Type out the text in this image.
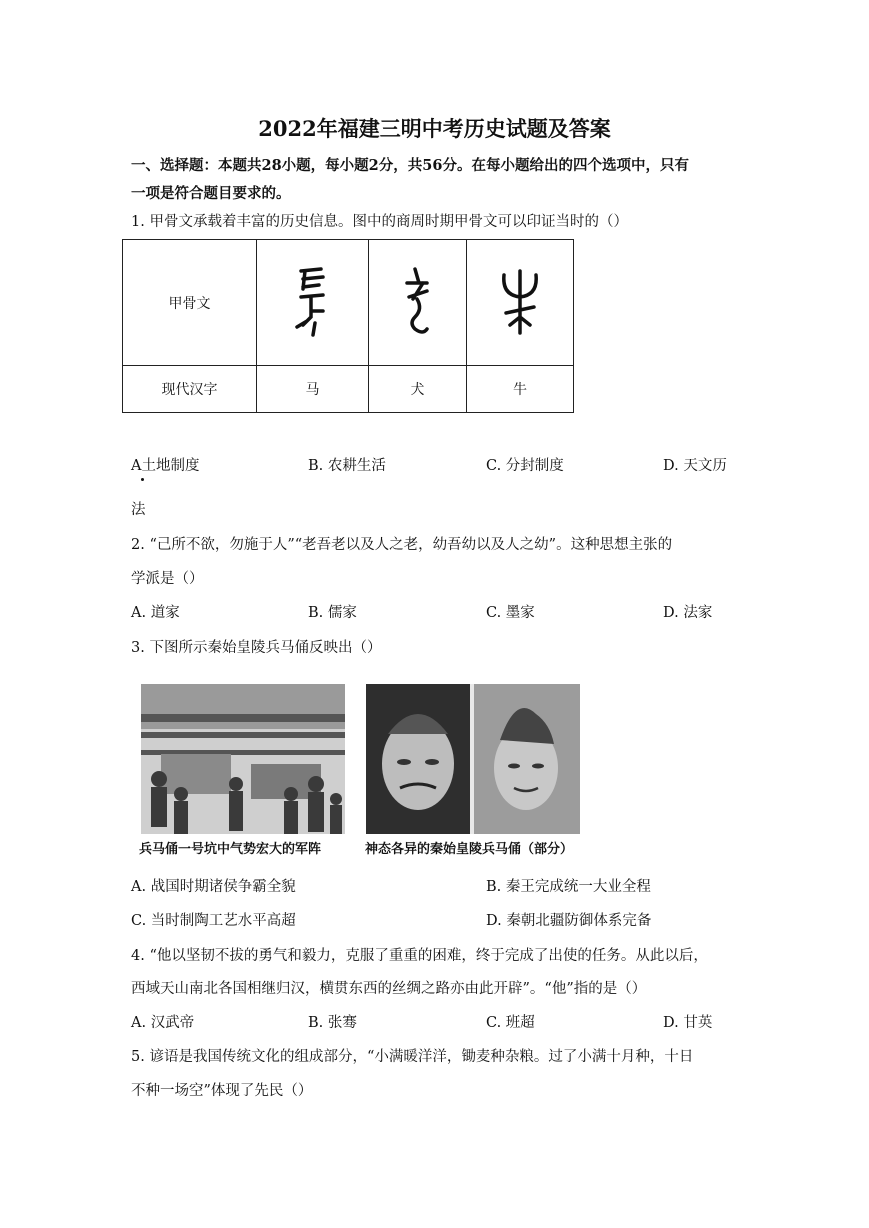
2022年福建三明中考历史试题及答案
一、选择题：本题共28小题，每小题2分，共56分。在每小题给出的四个选项中，只有
一项是符合题目要求的。
1. 甲骨文承载着丰富的历史信息。图中的商周时期甲骨文可以印证当时的（）
甲骨文			
现代汉字	马	犬	牛
A土地制度	B. 农耕生活	C. 分封制度	D. 天文历
法
2. “己所不欲，勿施于人”“老吾老以及人之老，幼吾幼以及人之幼”。这种思想主张的
学派是（）
A. 道家	B. 儒家	C. 墨家	D. 法家
3. 下图所示秦始皇陵兵马俑反映出（）
兵马俑一号坑中气势宏大的军阵	神态各异的秦始皇陵兵马俑（部分）
A. 战国时期诸侯争霸全貌	B. 秦王完成统一大业全程
C. 当时制陶工艺水平高超	D. 秦朝北疆防御体系完备
4. “他以坚韧不拔的勇气和毅力，克服了重重的困难，终于完成了出使的任务。从此以后，
西域天山南北各国相继归汉，横贯东西的丝绸之路亦由此开辟”。“他”指的是（）
A. 汉武帝	B. 张骞	C. 班超	D. 甘英
5. 谚语是我国传统文化的组成部分，“小满暖洋洋，锄麦种杂粮。过了小满十月种，十日
不种一场空”体现了先民（）
